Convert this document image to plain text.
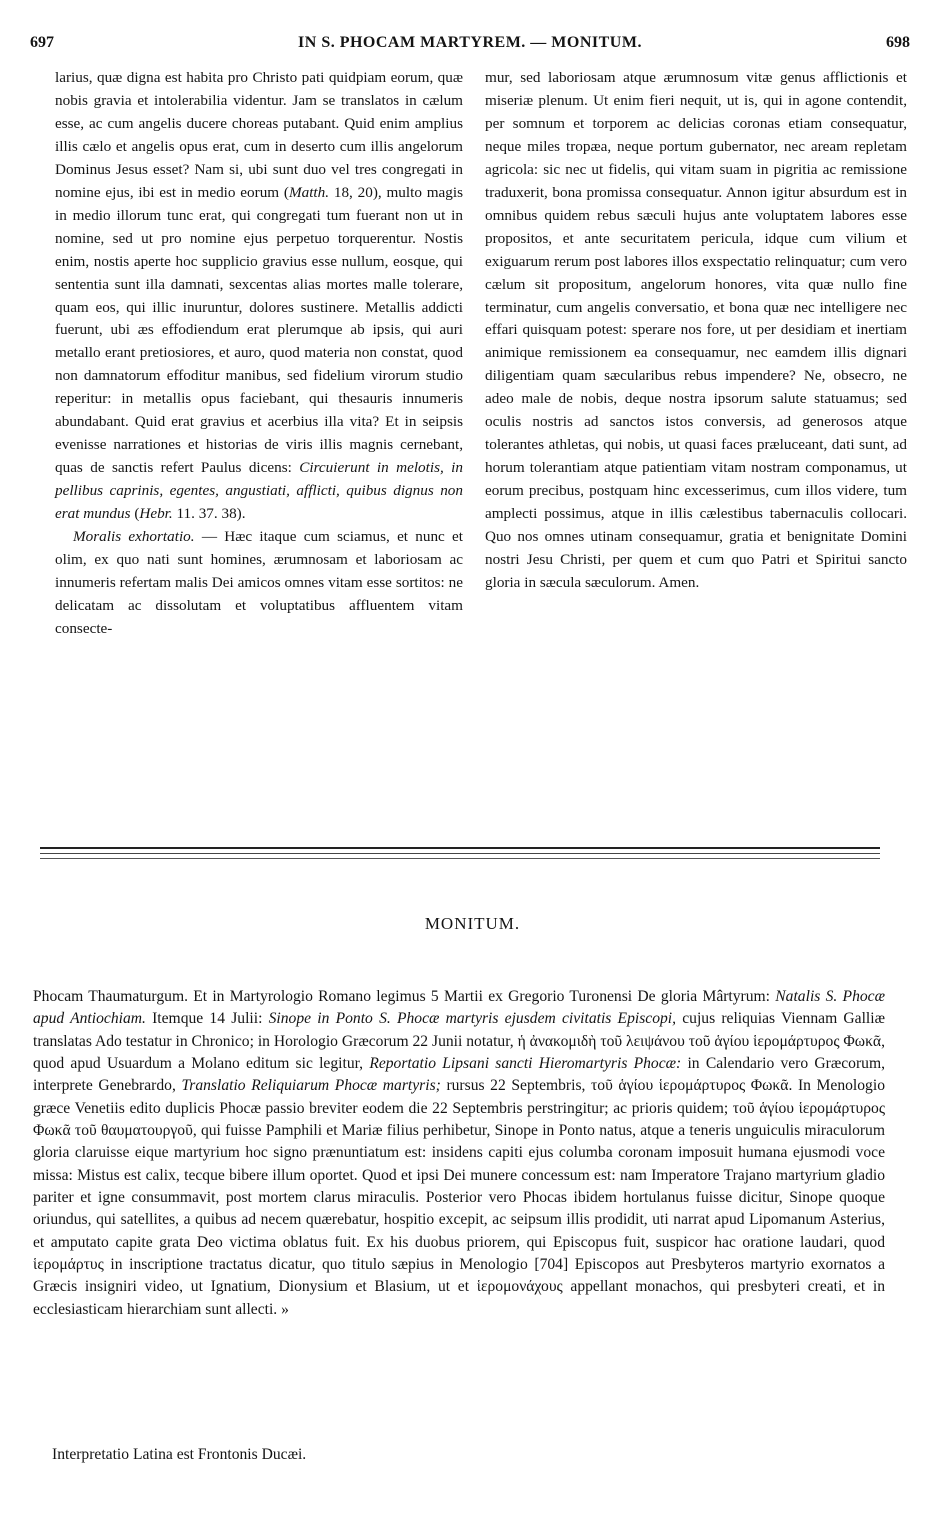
697	IN S. PHOCAM MARTYREM. — MONITUM.	698

larius, quæ digna est habita pro Christo pati quidpiam eorum, quæ nobis gravia et intolerabilia videntur. Jam se translatos in cælum esse, ac cum angelis ducere choreas putabant. Quid enim amplius illis cælo et angelis opus erat, cum in deserto cum illis angelorum Dominus Jesus esset? Nam si, ubi sunt duo vel tres congregati in nomine ejus, ibi est in medio eorum (Matth. 18, 20), multo magis in medio illorum tunc erat, qui congregati tum fuerant non ut in nomine, sed ut pro nomine ejus perpetuo torquerentur. Nostis enim, nostis aperte hoc supplicio gravius esse nullum, eosque, qui sententia sunt illa damnati, sexcentas alias mortes malle tolerare, quam eos, qui illic inuruntur, dolores sustinere. Metallis addicti fuerunt, ubi æs effodiendum erat plerumque ab ipsis, qui auri metallo erant pretiosiores, et auro, quod materia non constat, quod non damnatorum effoditur manibus, sed fidelium virorum studio reperitur: in metallis opus faciebant, qui thesauris innumeris abundabant. Quid erat gravius et acerbius illa vita? Et in seipsis evenisse narrationes et historias de viris illis magnis cernebant, quas de sanctis refert Paulus dicens: Circuierunt in melotis, in pellibus caprinis, egentes, angustiati, afflicti, quibus dignus non erat mundus (Hebr. 11. 37. 38).

Moralis exhortatio. — Hæc itaque cum sciamus, et nunc et olim, ex quo nati sunt homines, ærumnosam et laboriosam ac innumeris refertam malis Dei amicos omnes vitam esse sortitos: ne delicatam ac dissolutam et voluptatibus affluentem vitam consecte-

mur, sed laboriosam atque ærumnosum vitæ genus afflictionis et miseriæ plenum. Ut enim fieri nequit, ut is, qui in agone contendit, per somnum et torporem ac delicias coronas etiam consequatur, neque miles tropæa, neque portum gubernator, nec aream repletam agricola: sic nec ut fidelis, qui vitam suam in pigritia ac remissione traduxerit, bona promissa consequatur. Annon igitur absurdum est in omnibus quidem rebus sæculi hujus ante voluptatem labores esse propositos, et ante securitatem pericula, idque cum vilium et exiguarum rerum post labores illos exspectatio relinquatur; cum vero cælum sit propositum, angelorum honores, vita quæ nullo fine terminatur, cum angelis conversatio, et bona quæ nec intelligere nec effari quisquam potest: sperare nos fore, ut per desidiam et inertiam animique remissionem ea consequamur, nec eamdem illis dignari diligentiam quam sæcularibus rebus impendere? Ne, obsecro, ne adeo male de nobis, deque nostra ipsorum salute statuamus; sed oculis nostris ad sanctos istos conversis, ad generosos atque tolerantes athletas, qui nobis, ut quasi faces præluceant, dati sunt, ad horum tolerantiam atque patientiam vitam nostram componamus, ut eorum precibus, postquam hinc excesserimus, cum illos videre, tum amplecti possimus, atque in illis cælestibus tabernaculis collocari. Quo nos omnes utinam consequamur, gratia et benignitate Domini nostri Jesu Christi, per quem et cum quo Patri et Spiritui sancto gloria in sæcula sæculorum. Amen.

MONITUM.

Phocam Thaumaturgum. Et in Martyrologio Romano legimus 5 Martii ex Gregorio Turonensi De gloria Mârtyrum: Natalis S. Phocæ apud Antiochiam. Itemque 14 Julii: Sinope in Ponto S. Phocæ martyris ejusdem civitatis Episcopi, cujus reliquias Viennam Galliæ translatas Ado testatur in Chronico; in Horologio Græcorum 22 Junii notatur, ἡ ἀνακομιδὴ τοῦ λειψάνου τοῦ ἁγίου ἱερομάρτυρος Φωκᾶ, quod apud Usuardum a Molano editum sic legitur, Reportatio Lipsani sancti Hieromartyris Phocæ: in Calendario vero Græcorum, interprete Genebrardo, Translatio Reliquiarum Phocæ martyris; rursus 22 Septembris, τοῦ ἁγίου ἱερομάρτυρος Φωκᾶ. In Menologio græce Venetiis edito duplicis Phocæ passio breviter eodem die 22 Septembris perstringitur; ac prioris quidem; τοῦ ἁγίου ἱερομάρτυρος Φωκᾶ τοῦ θαυματουργοῦ, qui fuisse Pamphili et Mariæ filius perhibetur, Sinope in Ponto natus, atque a teneris unguiculis miraculorum gloria claruisse eique martyrium hoc signo prænuntiatum est: insidens capiti ejus columba coronam imposuit humana ejusmodi voce missa: Mistus est calix, tecque bibere illum oportet. Quod et ipsi Dei munere concessum est: nam Imperatore Trajano martyrium gladio pariter et igne consummavit, post mortem clarus miraculis. Posterior vero Phocas ibidem hortulanus fuisse dicitur, Sinope quoque oriundus, qui satellites, a quibus ad necem quærebatur, hospitio excepit, ac seipsum illis prodidit, uti narrat apud Lipomanum Asterius, et amputato capite grata Deo victima oblatus fuit. Ex his duobus priorem, qui Episcopus fuit, suspicor hac oratione laudari, quod ἱερομάρτυς in inscriptione tractatus dicatur, quo titulo sæpius in Menologio [704] Episcopos aut Presbyteros martyrio exornatos a Græcis insigniri video, ut Ignatium, Dionysium et Blasium, ut et ἱερομονάχους appellant monachos, qui presbyteri creati, et in ecclesiasticam hierarchiam sunt allecti. »

Interpretatio Latina est Frontonis Ducæi.
